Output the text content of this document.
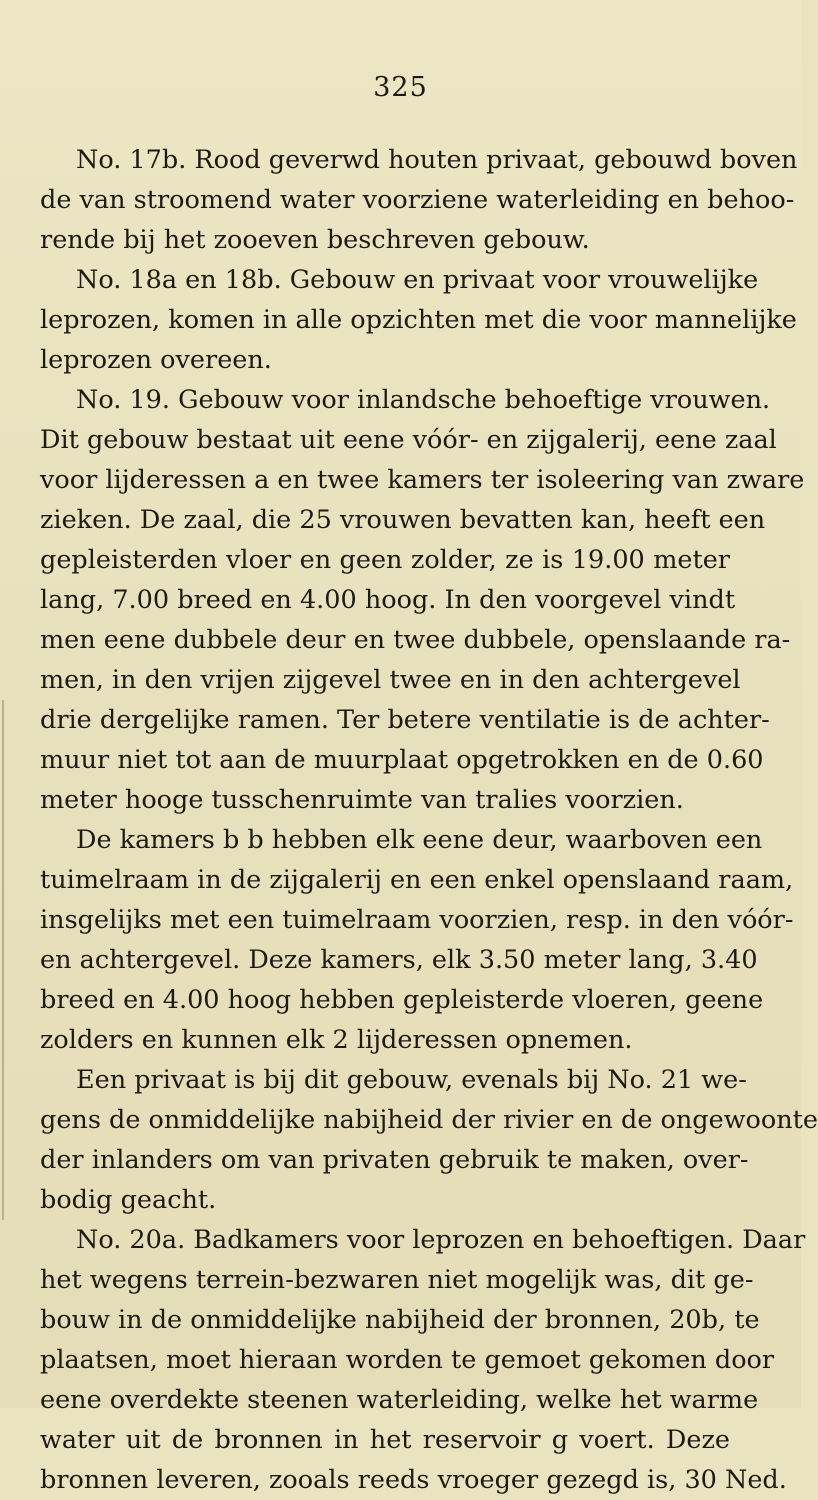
325
No. 17b. Rood geverwd houten privaat, gebouwd boven
de van stroomend water voorziene waterleiding en behoo-
rende bij het zooeven beschreven gebouw.
No. 18a en 18b. Gebouw en privaat voor vrouwelijke
leprozen, komen in alle opzichten met die voor mannelijke
leprozen overeen.
No. 19. Gebouw voor inlandsche behoeftige vrouwen.
Dit gebouw bestaat uit eene vóór- en zijgalerij, eene zaal
voor lijderessen a en twee kamers ter isoleering van zware
zieken. De zaal, die 25 vrouwen bevatten kan, heeft een
gepleisterden vloer en geen zolder, ze is 19.00 meter
lang, 7.00 breed en 4.00 hoog. In den voorgevel vindt
men eene dubbele deur en twee dubbele, openslaande ra-
men, in den vrijen zijgevel twee en in den achtergevel
drie dergelijke ramen. Ter betere ventilatie is de achter-
muur niet tot aan de muurplaat opgetrokken en de 0.60
meter hooge tusschenruimte van tralies voorzien.
De kamers b b hebben elk eene deur, waarboven een
tuimelraam in de zijgalerij en een enkel openslaand raam,
insgelijks met een tuimelraam voorzien, resp. in den vóór-
en achtergevel. Deze kamers, elk 3.50 meter lang, 3.40
breed en 4.00 hoog hebben gepleisterde vloeren, geene
zolders en kunnen elk 2 lijderessen opnemen.
Een privaat is bij dit gebouw, evenals bij No. 21 we-
gens de onmiddelijke nabijheid der rivier en de ongewoonte
der inlanders om van privaten gebruik te maken, over-
bodig geacht.
No. 20a. Badkamers voor leprozen en behoeftigen. Daar
het wegens terrein-bezwaren niet mogelijk was, dit ge-
bouw in de onmiddelijke nabijheid der bronnen, 20b, te
plaatsen, moet hieraan worden te gemoet gekomen door
eene overdekte steenen waterleiding, welke het warme
water uit de bronnen in het reservoir g voert. Deze
bronnen leveren, zooals reeds vroeger gezegd is, 30 Ned.
